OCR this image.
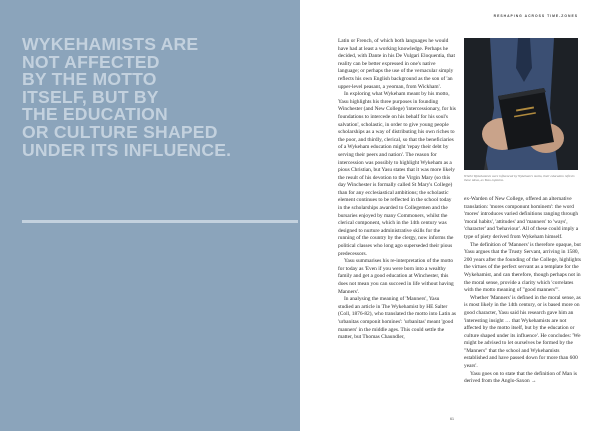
WYKEHAMISTS ARE
NOT AFFECTED
BY THE MOTTO
ITSELF, BUT BY
THE EDUCATION
OR CULTURE SHAPED
UNDER ITS INFLUENCE.

RESHAPING ACROSS TIME-ZONES

Latin or French, of which both languages he would have had at least a working knowledge. Perhaps he decided, with Dante in his De Vulgari Eloquentia, that reality can be better expressed in one's native language; or perhaps the use of the vernacular simply reflects his own English background as the son of 'an upper-level peasant, a yeoman, from Wickham'.

In exploring what Wykeham meant by his motto, Yasu highlights his three purposes in founding Winchester (and New College) 'intercessionary, for his foundations to intercede on his behalf for his soul's salvation', scholastic, in order to give young people scholarships as a way of distributing his own riches to the poor, and thirdly, clerical, so that the beneficiaries of a Wykeham education might 'repay their debt by serving their peers and nation'. The reason for intercession was possibly to highlight Wykeham as a pious Christian, but Yasu states that it was more likely the result of his devotion to the Virgin Mary (so this day Winchester is formally called St Mary's College) than for any ecclesiastical ambitions; the scholastic element continues to be reflected in the school today in the scholarships awarded to Collegemen and the bursaries enjoyed by many Commoners, whilst the clerical component, which in the 14th century was designed to nurture administrative skills for the running of the country by the clergy, now informs the political classes who long ago superseded their pious predecessors.

Yasu summarises his re-interpretation of the motto for today as 'Even if you were born into a wealthy family and get a good education at Winchester, this does not mean you can succeed in life without having Manners'.

In analysing the meaning of 'Manners', Yasu studied an article in The Wykehamist by HE Salter (Coll, 1876-82), who translated the motto into Latin as 'urbanitas componit homines': 'urbanitas' meant 'good manners' in the middle ages. This could settle the matter, but Thomas Chaundler,

Whilst Wykehamists were influenced by Wykeham's motto, their education reflects these ideas, as Yasu explains.

ex-Warden of New College, offered an alternative translation: 'mores componunt hominem': the word 'mores' introduces varied definitions ranging through 'moral habits', 'attitudes' and 'manners' to 'ways', 'character' and 'behaviour'. All of these could imply a type of piety derived from Wykeham himself.

The definition of 'Manners' is therefore opaque, but Yasu argues that the Trusty Servant, arriving in 1580, 200 years after the founding of the College, highlights the virtues of the perfect servant as a template for the Wykehamist, and can therefore, though perhaps not in the moral sense, provide a clarity which 'correlates with the motto meaning of "good manners"'.

Whether 'Manners' is defined in the moral sense, as is most likely in the 14th century, or is based more on good character, Yasu said his research gave him an 'interesting insight … that Wykehamists are not affected by the motto itself, but by the education or culture shaped under its influence'. He concludes: 'We might be advised to let ourselves be formed by the "Manners" that the school and Wykehamists established and have passed down for more than 600 years'.

Yasu goes on to state that the definition of Man is derived from the Anglo-Saxon →

61
